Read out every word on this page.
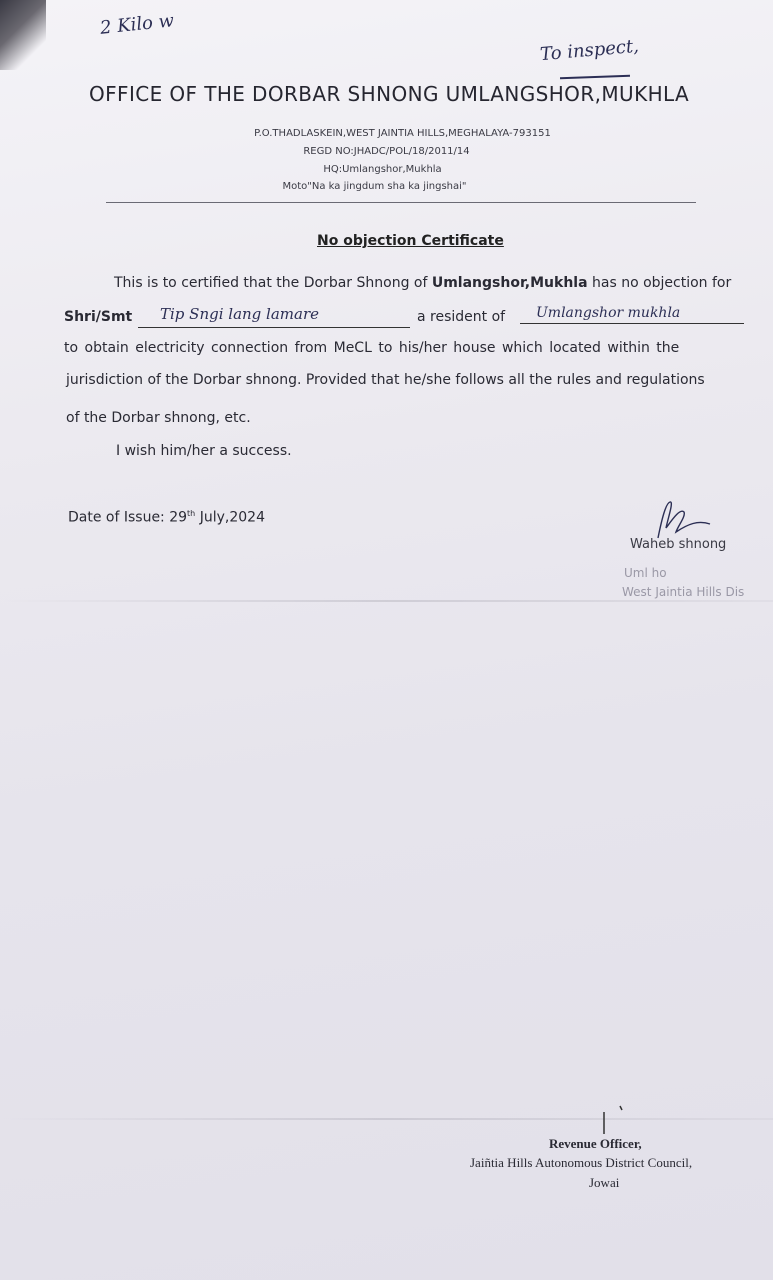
2 Kilo w
To inspect,
OFFICE OF THE DORBAR SHNONG UMLANGSHOR,MUKHLA
P.O.THADLASKEIN,WEST JAINTIA HILLS,MEGHALAYA-793151
REGD NO:JHADC/POL/18/2011/14
HQ:Umlangshor,Mukhla
Moto"Na ka jingdum sha ka jingshai"
No objection Certificate
This is to certified that the Dorbar Shnong of Umlangshor,Mukhla has no objection for
Shri/Smt Tip Sngi lang lamare	a resident of Umlangshor mukhla
to obtain electricity connection from MeCL to his/her house which located within the
jurisdiction of the Dorbar shnong. Provided that he/she follows all the rules and regulations
of the Dorbar shnong, etc.
I wish him/her a success.
Date of Issue: 29th July,2024
Waheb shnong
Uml ho
West Jaintia Hills Dis
Revenue Officer,
Jaiñtia Hills Autonomous District Council,
Jowai
